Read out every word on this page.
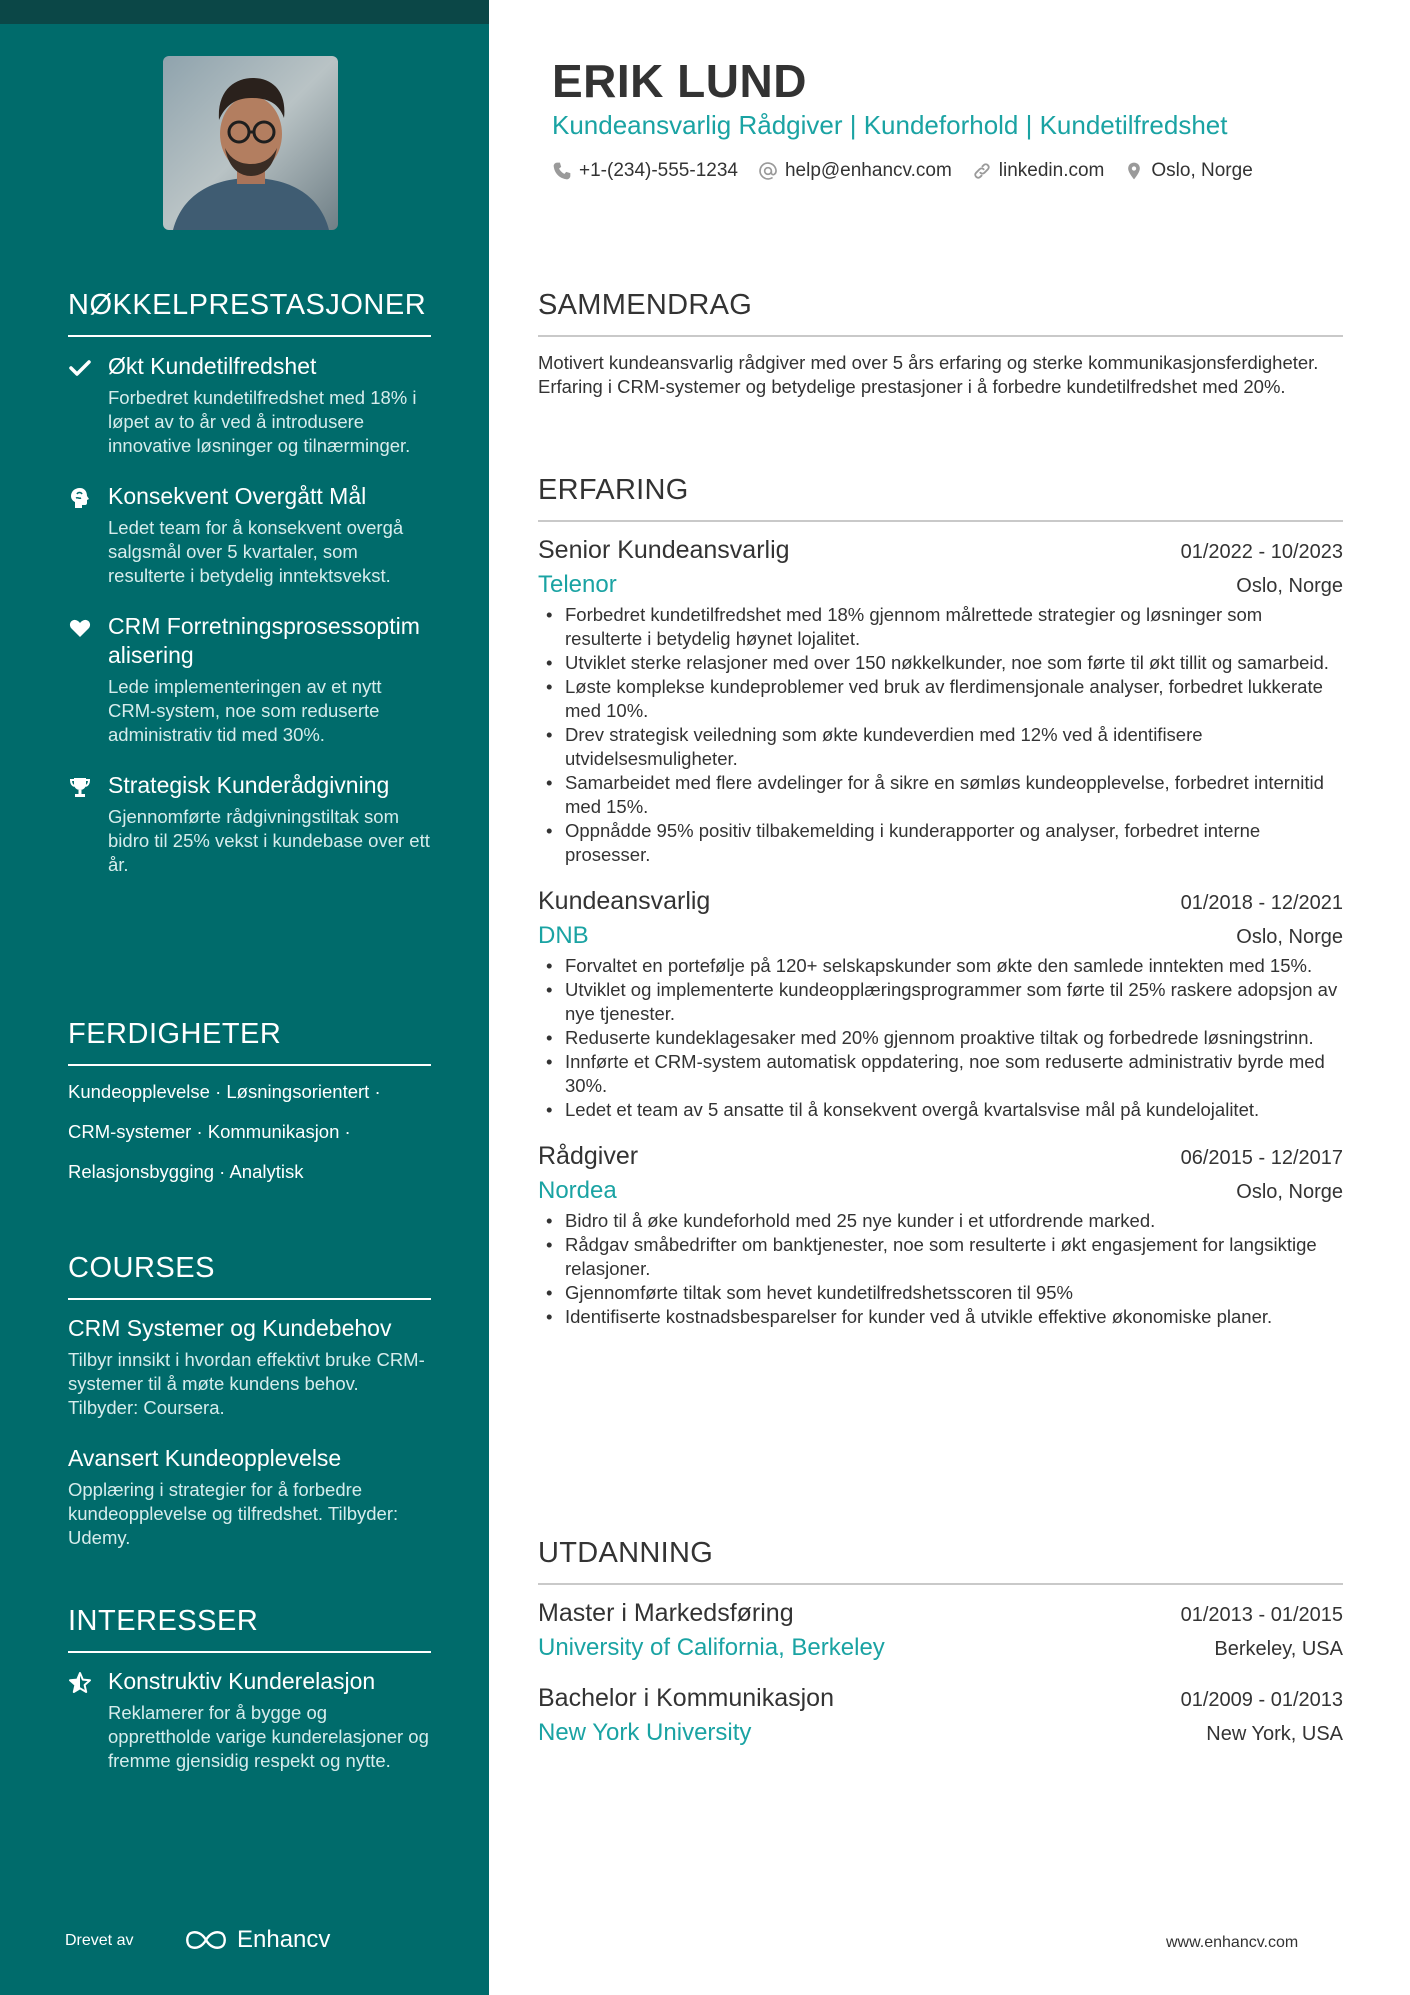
NØKKELPRESTASJONER
Økt Kundetilfredshet
Forbedret kundetilfredshet med 18% i løpet av to år ved å introdusere innovative løsninger og tilnærminger.
Konsekvent Overgått Mål
Ledet team for å konsekvent overgå salgsmål over 5 kvartaler, som resulterte i betydelig inntektsvekst.
CRM Forretningsprosessoptimalisering
Lede implementeringen av et nytt CRM-system, noe som reduserte administrativ tid med 30%.
Strategisk Kunderådgivning
Gjennomførte rådgivningstiltak som bidro til 25% vekst i kundebase over ett år.
FERDIGHETER
Kundeopplevelse · Løsningsorientert ·
CRM-systemer · Kommunikasjon ·
Relasjonsbygging · Analytisk
COURSES
CRM Systemer og Kundebehov
Tilbyr innsikt i hvordan effektivt bruke CRM-systemer til å møte kundens behov. Tilbyder: Coursera.
Avansert Kundeopplevelse
Opplæring i strategier for å forbedre kundeopplevelse og tilfredshet. Tilbyder: Udemy.
INTERESSER
Konstruktiv Kunderelasjon
Reklamerer for å bygge og opprettholde varige kunderelasjoner og fremme gjensidig respekt og nytte.
Drevet av	Enhancv
ERIK LUND
Kundeansvarlig Rådgiver | Kundeforhold | Kundetilfredshet
+1-(234)-555-1234 help@enhancv.com linkedin.com Oslo, Norge
SAMMENDRAG
Motivert kundeansvarlig rådgiver med over 5 års erfaring og sterke kommunikasjonsferdigheter. Erfaring i CRM-systemer og betydelige prestasjoner i å forbedre kundetilfredshet med 20%.
ERFARING
Senior Kundeansvarlig	01/2022 - 10/2023
Telenor	Oslo, Norge
• Forbedret kundetilfredshet med 18% gjennom målrettede strategier og løsninger som resulterte i betydelig høynet lojalitet.
• Utviklet sterke relasjoner med over 150 nøkkelkunder, noe som førte til økt tillit og samarbeid.
• Løste komplekse kundeproblemer ved bruk av flerdimensjonale analyser, forbedret lukkerate med 10%.
• Drev strategisk veiledning som økte kundeverdien med 12% ved å identifisere utvidelsesmuligheter.
• Samarbeidet med flere avdelinger for å sikre en sømløs kundeopplevelse, forbedret internitid med 15%.
• Oppnådde 95% positiv tilbakemelding i kunderapporter og analyser, forbedret interne prosesser.
Kundeansvarlig	01/2018 - 12/2021
DNB	Oslo, Norge
• Forvaltet en portefølje på 120+ selskapskunder som økte den samlede inntekten med 15%.
• Utviklet og implementerte kundeopplæringsprogrammer som førte til 25% raskere adopsjon av nye tjenester.
• Reduserte kundeklagesaker med 20% gjennom proaktive tiltak og forbedrede løsningstrinn.
• Innførte et CRM-system automatisk oppdatering, noe som reduserte administrativ byrde med 30%.
• Ledet et team av 5 ansatte til å konsekvent overgå kvartalsvise mål på kundelojalitet.
Rådgiver	06/2015 - 12/2017
Nordea	Oslo, Norge
• Bidro til å øke kundeforhold med 25 nye kunder i et utfordrende marked.
• Rådgav småbedrifter om banktjenester, noe som resulterte i økt engasjement for langsiktige relasjoner.
• Gjennomførte tiltak som hevet kundetilfredshetsscoren til 95%
• Identifiserte kostnadsbesparelser for kunder ved å utvikle effektive økonomiske planer.
UTDANNING
Master i Markedsføring	01/2013 - 01/2015
University of California, Berkeley	Berkeley, USA
Bachelor i Kommunikasjon	01/2009 - 01/2013
New York University	New York, USA
www.enhancv.com
